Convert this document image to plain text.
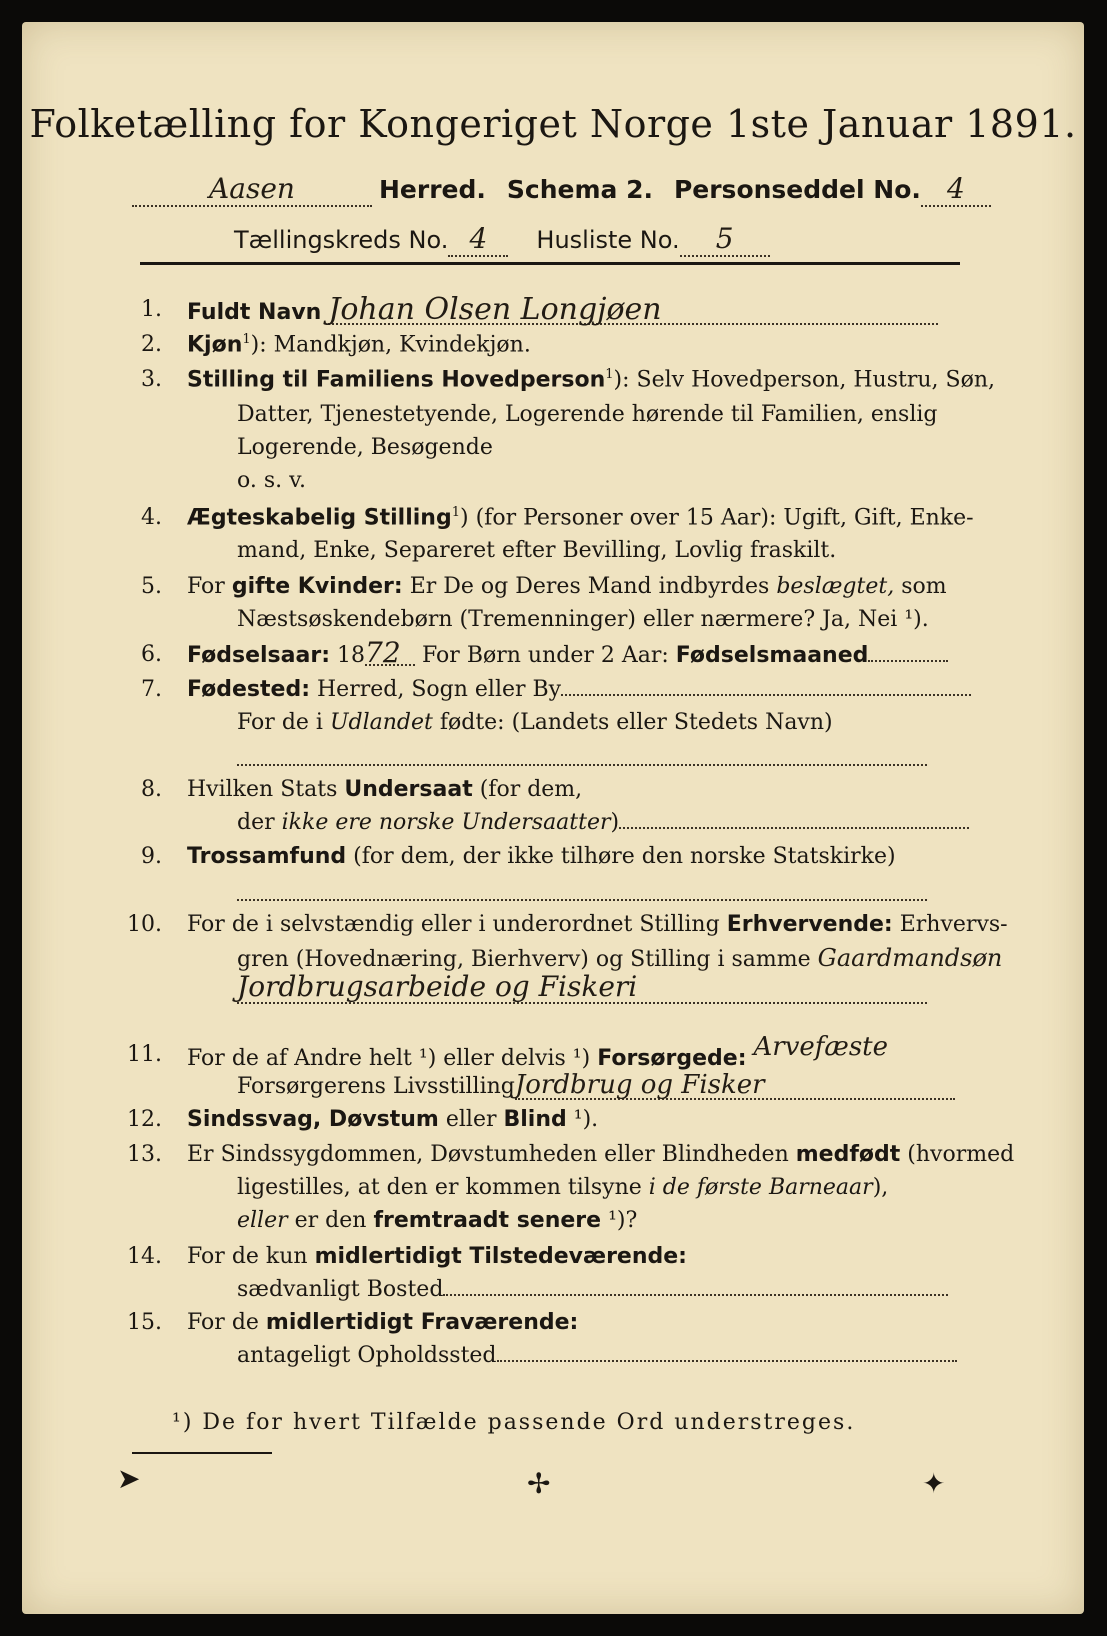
Folketælling for Kongeriget Norge 1ste Januar 1891.
Aasen	Herred. Schema 2. Personseddel No. 4
Tællingskreds No. 4 Husliste No. 5
1. Fuldt Navn Johan Olsen Longjøen
2. Kjøn$^1$): Mandkjøn, Kvindekjøn.
3. Stilling til Familiens Hovedperson$^1$): Selv Hovedperson, Hustru, Søn,
Datter, Tjenestetyende, Logerende hørende til Familien, enslig
Logerende, Besøgende
o. s. v.
4. Ægteskabelig Stilling$^1$) (for Personer over 15 Aar): Ugift, Gift, Enke-
mand, Enke, Separeret efter Bevilling, Lovlig fraskilt.
5. For gifte Kvinder: Er De og Deres Mand indbyrdes beslægtet, som
Næstsøskendebørn (Tremenninger) eller nærmere? Ja, Nei ¹).
6. Fødselsaar: 1872 For Børn under 2 Aar: Fødselsmaaned
7. Fødested: Herred, Sogn eller By
For de i Udlandet fødte: (Landets eller Stedets Navn)
8. Hvilken Stats Undersaat (for dem,
der ikke ere norske Undersaatter)
9. Trossamfund (for dem, der ikke tilhøre den norske Statskirke)
10. For de i selvstændig eller i underordnet Stilling Erhvervende: Erhvervs-
gren (Hovednæring, Bierhverv) og Stilling i samme Gaardmandsøn
Jordbrugsarbeide og Fiskeri
11. For de af Andre helt ¹) eller delvis ¹) Forsørgede: Arvefæste
Forsørgerens LivsstillingJordbrug og Fisker
12. Sindssvag, Døvstum eller Blind ¹).
13. Er Sindssygdommen, Døvstumheden eller Blindheden medfødt (hvormed
ligestilles, at den er kommen tilsyne i de første Barneaar),
eller er den fremtraadt senere ¹)?
14. For de kun midlertidigt Tilstedeværende:
sædvanligt Bosted
15. For de midlertidigt Fraværende:
antageligt Opholdssted
¹) De for hvert Tilfælde passende Ord understreges.
➤	✢	✦
